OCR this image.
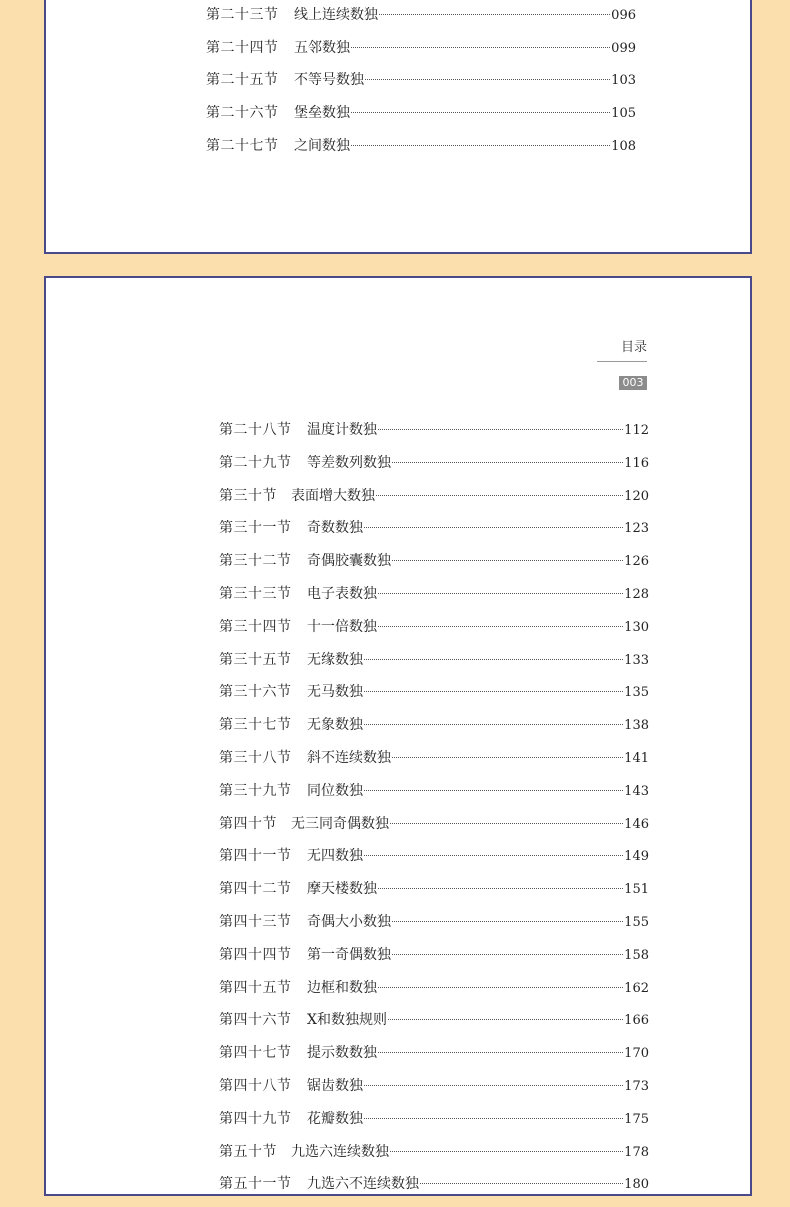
第二十三节	线上连续数独	096
第二十四节	五邻数独	099
第二十五节	不等号数独	103
第二十六节	堡垒数独	105
第二十七节	之间数独	108
目录
003
第二十八节	温度计数独	112
第二十九节	等差数列数独	116
第三十节	表面增大数独	120
第三十一节	奇数数独	123
第三十二节	奇偶胶囊数独	126
第三十三节	电子表数独	128
第三十四节	十一倍数独	130
第三十五节	无缘数独	133
第三十六节	无马数独	135
第三十七节	无象数独	138
第三十八节	斜不连续数独	141
第三十九节	同位数独	143
第四十节	无三同奇偶数独	146
第四十一节	无四数独	149
第四十二节	摩天楼数独	151
第四十三节	奇偶大小数独	155
第四十四节	第一奇偶数独	158
第四十五节	边框和数独	162
第四十六节	X和数独规则	166
第四十七节	提示数数独	170
第四十八节	锯齿数独	173
第四十九节	花瓣数独	175
第五十节	九选六连续数独	178
第五十一节	九选六不连续数独	180
